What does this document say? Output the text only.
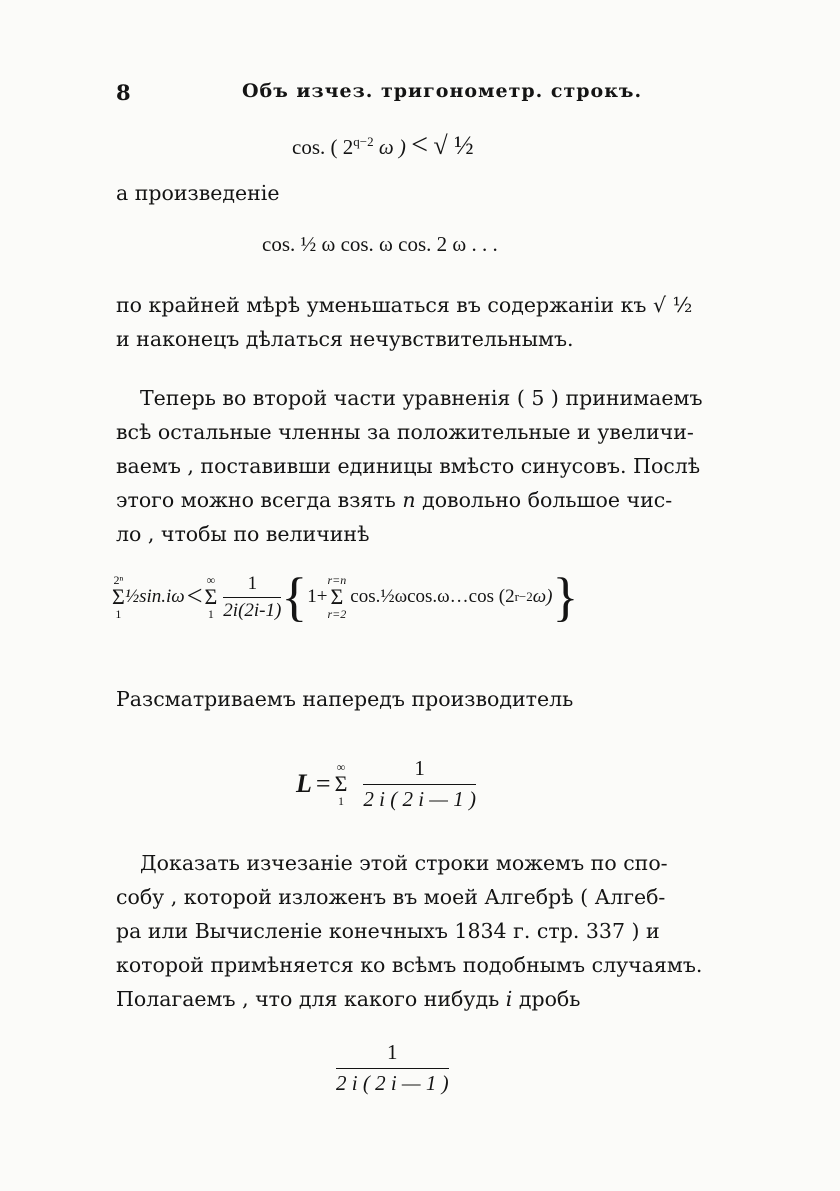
8	Объ изчез. тригонометр. строкъ.
cos. ( $2^{q-2}$ ω ) < √ ½
а произведеніе
cos. ½ ω cos. ω cos. 2 ω . . .
по крайней мѣрѣ уменьшаться въ содержаніи къ √ ½
и наконецъ дѣлаться нечувствительнымъ.
Теперь во второй части уравненія ( 5 ) принимаемъ
всѣ остальные членны за положительные и увеличи-
ваемъ , поставивши единицы вмѣсто синусовъ. Послѣ
этого можно всегда взять n довольно большое чис-
ло , чтобы по величинѣ
2ⁿ
Σ
1
½sin.iω <
∞
Σ
$1 \frac{1}{2i(2i-1)}$ { 1+
r=n
Σ
r=2
cos.½ωcos.ω…cos (2 r−2 ω) }
Разсматриваемъ напередъ производитель
L =
∞
Σ
$1 \frac{1}{2 i ( 2 i — 1 )}$
Доказать изчезаніе этой строки можемъ по спо-
собу , которой изложенъ въ моей Алгебрѣ ( Алгеб-
ра или Вычисленіе конечныхъ 1834 г. стр. 337 ) и
которой примѣняется ко всѣмъ подобнымъ случаямъ.
Полагаемъ , что для какого нибудь i дробь
$\frac{1}{2 i ( 2 i — 1 )}$
